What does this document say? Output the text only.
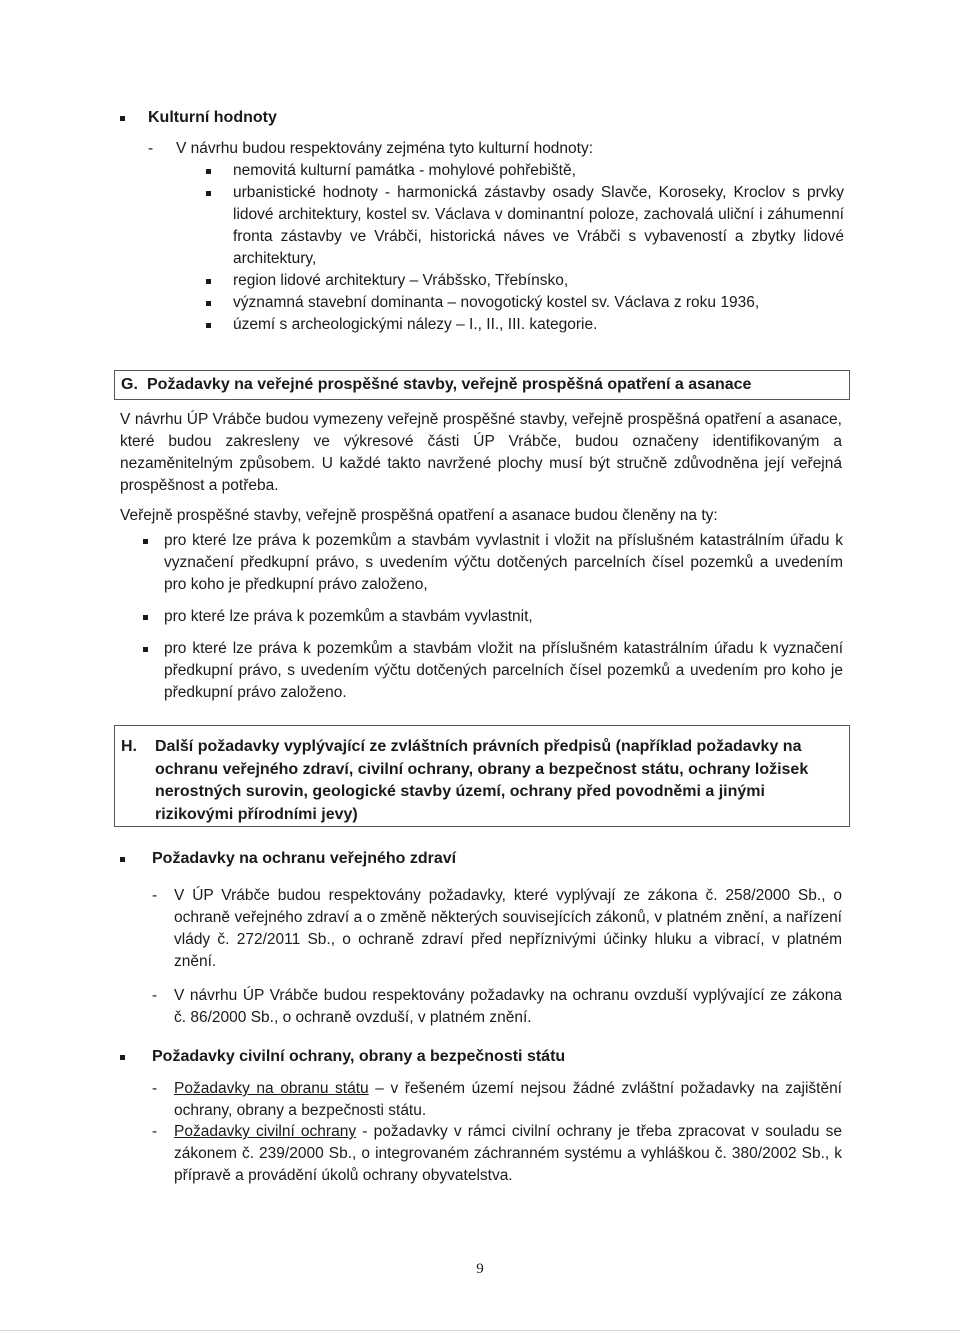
Kulturní hodnoty
- V návrhu budou respektovány zejména tyto kulturní hodnoty:
nemovitá kulturní památka - mohylové pohřebiště,
urbanistické hodnoty - harmonická zástavby osady Slavče, Koroseky, Kroclov s prvky lidové architektury, kostel sv. Václava v dominantní poloze, zachovalá uliční i záhumenní fronta zástavby ve Vrábči, historická náves ve Vrábči s vybaveností a zbytky lidové architektury,
region lidové architektury – Vrábšsko, Třebínsko,
významná stavební dominanta – novogotický kostel sv. Václava z roku 1936,
území s archeologickými nálezy – I., II., III. kategorie.
G. Požadavky na veřejné prospěšné stavby, veřejně prospěšná opatření a asanace
V návrhu ÚP Vrábče budou vymezeny veřejně prospěšné stavby, veřejně prospěšná opatření a asanace, které budou zakresleny ve výkresové části ÚP Vrábče, budou označeny identifikovaným a nezaměnitelným způsobem. U každé takto navržené plochy musí být stručně zdůvodněna její veřejná prospěšnost a potřeba.
Veřejně prospěšné stavby, veřejně prospěšná opatření a asanace budou členěny na ty:
pro které lze práva k pozemkům a stavbám vyvlastnit i vložit na příslušném katastrálním úřadu k vyznačení předkupní právo, s uvedením výčtu dotčených parcelních čísel pozemků a uvedením pro koho je předkupní právo založeno,
pro které lze práva k pozemkům a stavbám vyvlastnit,
pro které lze práva k pozemkům a stavbám vložit na příslušném katastrálním úřadu k vyznačení předkupní právo, s uvedením výčtu dotčených parcelních čísel pozemků a uvedením pro koho je předkupní právo založeno.
H. Další požadavky vyplývající ze zvláštních právních předpisů (například požadavky na ochranu veřejného zdraví, civilní ochrany, obrany a bezpečnost státu, ochrany ložisek nerostných surovin, geologické stavby území, ochrany před povodněmi a jinými rizikovými přírodními jevy)
Požadavky na ochranu veřejného zdraví
- V ÚP Vrábče budou respektovány požadavky, které vyplývají ze zákona č. 258/2000 Sb., o ochraně veřejného zdraví a o změně některých souvisejících zákonů, v platném znění, a nařízení vlády č. 272/2011 Sb., o ochraně zdraví před nepříznivými účinky hluku a vibrací, v platném znění.
- V návrhu ÚP Vrábče budou respektovány požadavky na ochranu ovzduší vyplývající ze zákona č. 86/2000 Sb., o ochraně ovzduší, v platném znění.
Požadavky civilní ochrany, obrany a bezpečnosti státu
- Požadavky na obranu státu – v řešeném území nejsou žádné zvláštní požadavky na zajištění ochrany, obrany a bezpečnosti státu.
- Požadavky civilní ochrany - požadavky v rámci civilní ochrany je třeba zpracovat v souladu se zákonem č. 239/2000 Sb., o integrovaném záchranném systému a vyhláškou č. 380/2002 Sb., k přípravě a provádění úkolů ochrany obyvatelstva.
9
